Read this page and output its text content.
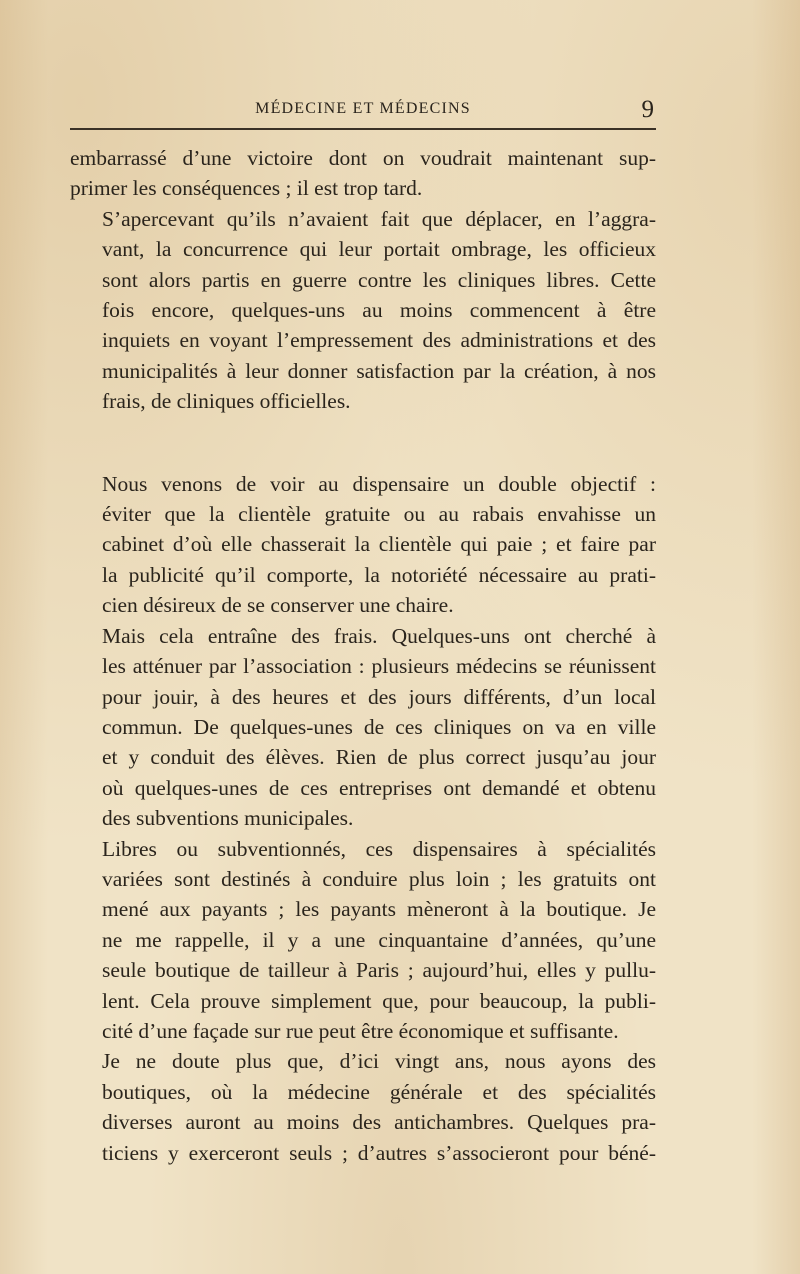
MÉDECINE ET MÉDECINS	9

embarrassé d’une victoire dont on voudrait maintenant sup-
primer les conséquences ; il est trop tard.

S’apercevant qu’ils n’avaient fait que déplacer, en l’aggra-
vant, la concurrence qui leur portait ombrage, les officieux
sont alors partis en guerre contre les cliniques libres. Cette
fois encore, quelques-uns au moins commencent à être
inquiets en voyant l’empressement des administrations et des
municipalités à leur donner satisfaction par la création, à nos
frais, de cliniques officielles.

Nous venons de voir au dispensaire un double objectif :
éviter que la clientèle gratuite ou au rabais envahisse un
cabinet d’où elle chasserait la clientèle qui paie ; et faire par
la publicité qu’il comporte, la notoriété nécessaire au prati-
cien désireux de se conserver une chaire.

Mais cela entraîne des frais. Quelques-uns ont cherché à
les atténuer par l’association : plusieurs médecins se réunissent
pour jouir, à des heures et des jours différents, d’un local
commun. De quelques-unes de ces cliniques on va en ville
et y conduit des élèves. Rien de plus correct jusqu’au jour
où quelques-unes de ces entreprises ont demandé et obtenu
des subventions municipales.

Libres ou subventionnés, ces dispensaires à spécialités
variées sont destinés à conduire plus loin ; les gratuits ont
mené aux payants ; les payants mèneront à la boutique. Je
ne me rappelle, il y a une cinquantaine d’années, qu’une
seule boutique de tailleur à Paris ; aujourd’hui, elles y pullu-
lent. Cela prouve simplement que, pour beaucoup, la publi-
cité d’une façade sur rue peut être économique et suffisante.

Je ne doute plus que, d’ici vingt ans, nous ayons des
boutiques, où la médecine générale et des spécialités
diverses auront au moins des antichambres. Quelques pra-
ticiens y exerceront seuls ; d’autres s’associeront pour béné-
